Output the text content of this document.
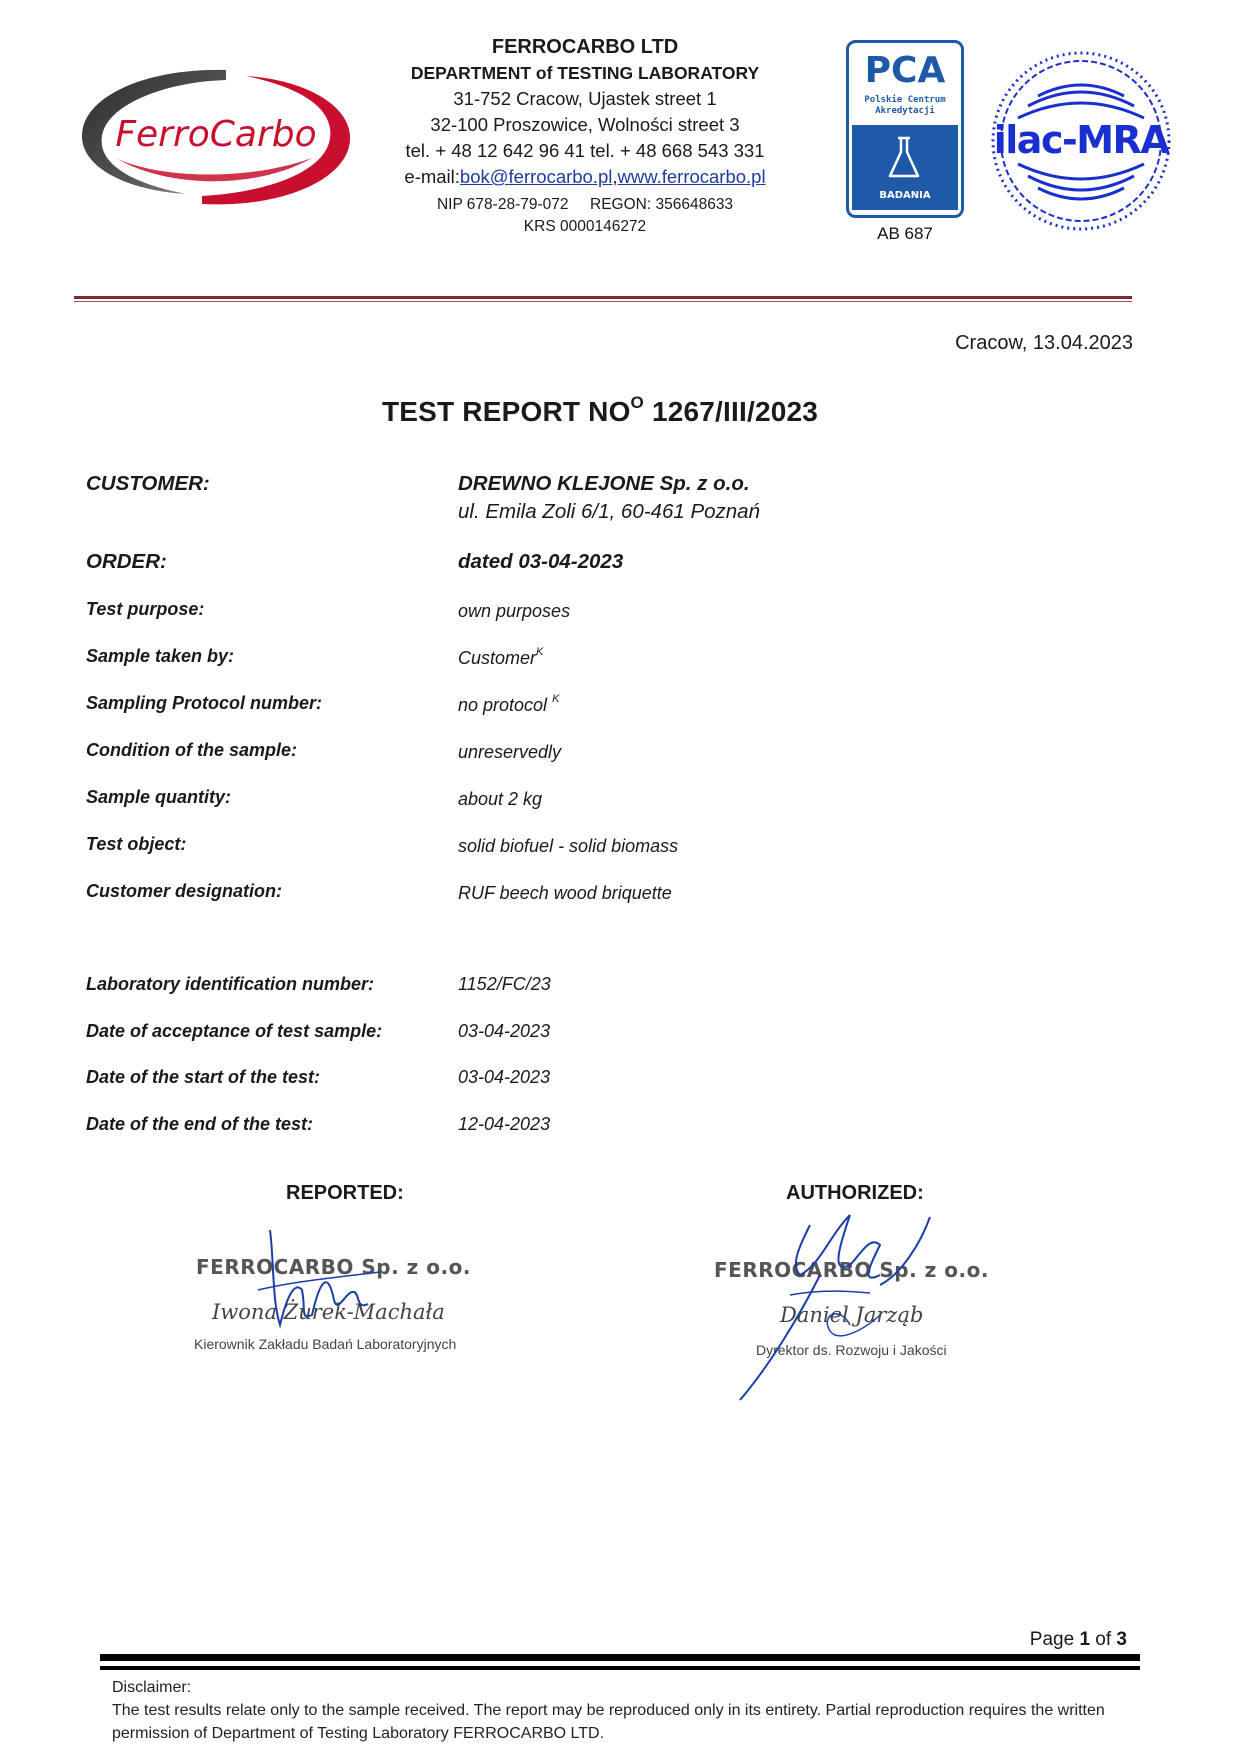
FerroCarbo
FERROCARBO LTD
DEPARTMENT of TESTING LABORATORY
31-752 Cracow, Ujastek street 1
32-100 Proszowice, Wolności street 3
tel. + 48 12 642 96 41 tel. + 48 668 543 331
e-mail:bok@ferrocarbo.pl,www.ferrocarbo.pl
NIP 678-28-79-072     REGON: 356648633
KRS 0000146272
PCA
Polskie Centrum
Akredytacji
BADANIA
AB 687
ilac-MRA
Cracow, 13.04.2023
TEST REPORT $NO^O$ 1267/III/2023
CUSTOMER:	DREWNO KLEJONE Sp. z o.o.
ul. Emila Zoli 6/1, 60-461 Poznań
ORDER:	dated 03-04-2023
Test purpose:	own purposes
Sample taken by:	Customer$^K$
Sampling Protocol number:	no protocol $^K$
Condition of the sample:	unreservedly
Sample quantity:	about 2 kg
Test object:	solid biofuel - solid biomass
Customer designation:	RUF beech wood briquette
Laboratory identification number:	1152/FC/23
Date of acceptance of test sample:	03-04-2023
Date of the start of the test:	03-04-2023
Date of the end of the test:	12-04-2023
REPORTED:
FERROCARBO Sp. z o.o.
Iwona Żurek-Machała
Kierownik Zakładu Badań Laboratoryjnych
AUTHORIZED:
FERROCARBO Sp. z o.o.
Daniel Jarząb
Dyrektor ds. Rozwoju i Jakości
Page 1 of 3
Disclaimer:
The test results relate only to the sample received. The report may be reproduced only in its entirety. Partial reproduction requires the written permission of Department of Testing Laboratory FERROCARBO LTD.
